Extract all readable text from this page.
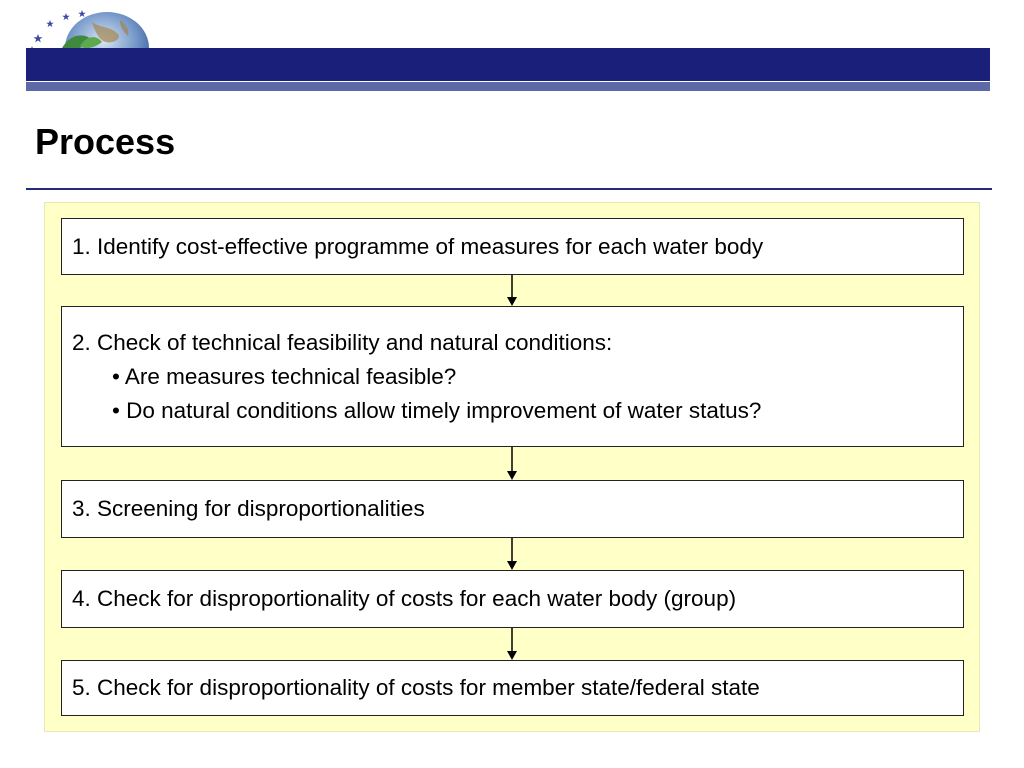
Process
1. Identify cost-effective programme of measures for each water body
2. Check of technical feasibility and natural conditions:
• Are measures technical feasible?
• Do natural conditions allow timely improvement of water status?
3. Screening for disproportionalities
4. Check for disproportionality of costs for each water body (group)
5. Check for disproportionality of costs for member state/federal state
